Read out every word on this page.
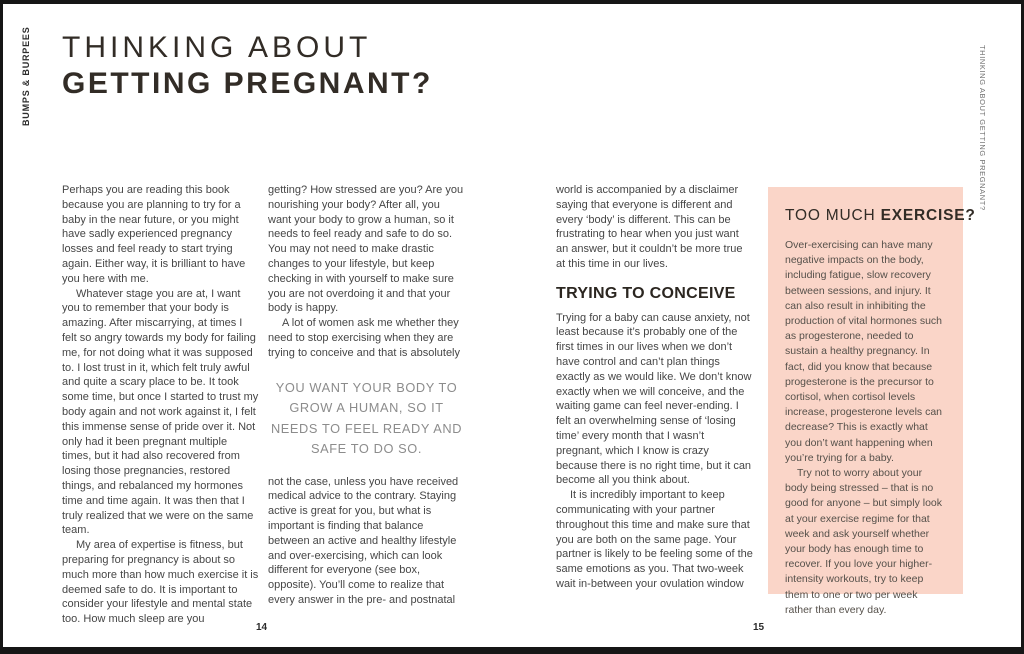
BUMPS & BURPEES	THINKING ABOUT GETTING PREGNANT?
THINKING ABOUT
GETTING PREGNANT?

Perhaps you are reading this book because you are planning to try for a baby in the near future, or you might have sadly experienced pregnancy losses and feel ready to start trying again. Either way, it is brilliant to have you here with me.

Whatever stage you are at, I want you to remember that your body is amazing. After miscarrying, at times I felt so angry towards my body for failing me, for not doing what it was supposed to. I lost trust in it, which felt truly awful and quite a scary place to be. It took some time, but once I started to trust my body again and not work against it, I felt this immense sense of pride over it. Not only had it been pregnant multiple times, but it had also recovered from losing those pregnancies, restored things, and rebalanced my hormones time and time again. It was then that I truly realized that we were on the same team.

My area of expertise is fitness, but preparing for pregnancy is about so much more than how much exercise it is deemed safe to do. It is important to consider your lifestyle and mental state too. How much sleep are you

getting? How stressed are you? Are you nourishing your body? After all, you want your body to grow a human, so it needs to feel ready and safe to do so. You may not need to make drastic changes to your lifestyle, but keep checking in with yourself to make sure you are not overdoing it and that your body is happy.

A lot of women ask me whether they need to stop exercising when they are trying to conceive and that is absolutely

YOU WANT YOUR BODY TO GROW A HUMAN, SO IT NEEDS TO FEEL READY AND SAFE TO DO SO.

not the case, unless you have received medical advice to the contrary. Staying active is great for you, but what is important is finding that balance between an active and healthy lifestyle and over-exercising, which can look different for everyone (see box, opposite). You’ll come to realize that every answer in the pre- and postnatal

world is accompanied by a disclaimer saying that everyone is different and every ‘body’ is different. This can be frustrating to hear when you just want an answer, but it couldn’t be more true at this time in our lives.

TRYING TO CONCEIVE

Trying for a baby can cause anxiety, not least because it’s probably one of the first times in our lives when we don’t have control and can’t plan things exactly as we would like. We don’t know exactly when we will conceive, and the waiting game can feel never-ending. I felt an overwhelming sense of ‘losing time’ every month that I wasn’t pregnant, which I know is crazy because there is no right time, but it can become all you think about.

It is incredibly important to keep communicating with your partner throughout this time and make sure that you are both on the same page. Your partner is likely to be feeling some of the same emotions as you. That two-week wait in-between your ovulation window

TOO MUCH EXERCISE?

Over-exercising can have many negative impacts on the body, including fatigue, slow recovery between sessions, and injury. It can also result in inhibiting the production of vital hormones such as progesterone, needed to sustain a healthy pregnancy. In fact, did you know that because progesterone is the precursor to cortisol, when cortisol levels increase, progesterone levels can decrease? This is exactly what you don’t want happening when you’re trying for a baby.

Try not to worry about your body being stressed – that is no good for anyone – but simply look at your exercise regime for that week and ask yourself whether your body has enough time to recover. If you love your higher-intensity workouts, try to keep them to one or two per week rather than every day.

14	15
